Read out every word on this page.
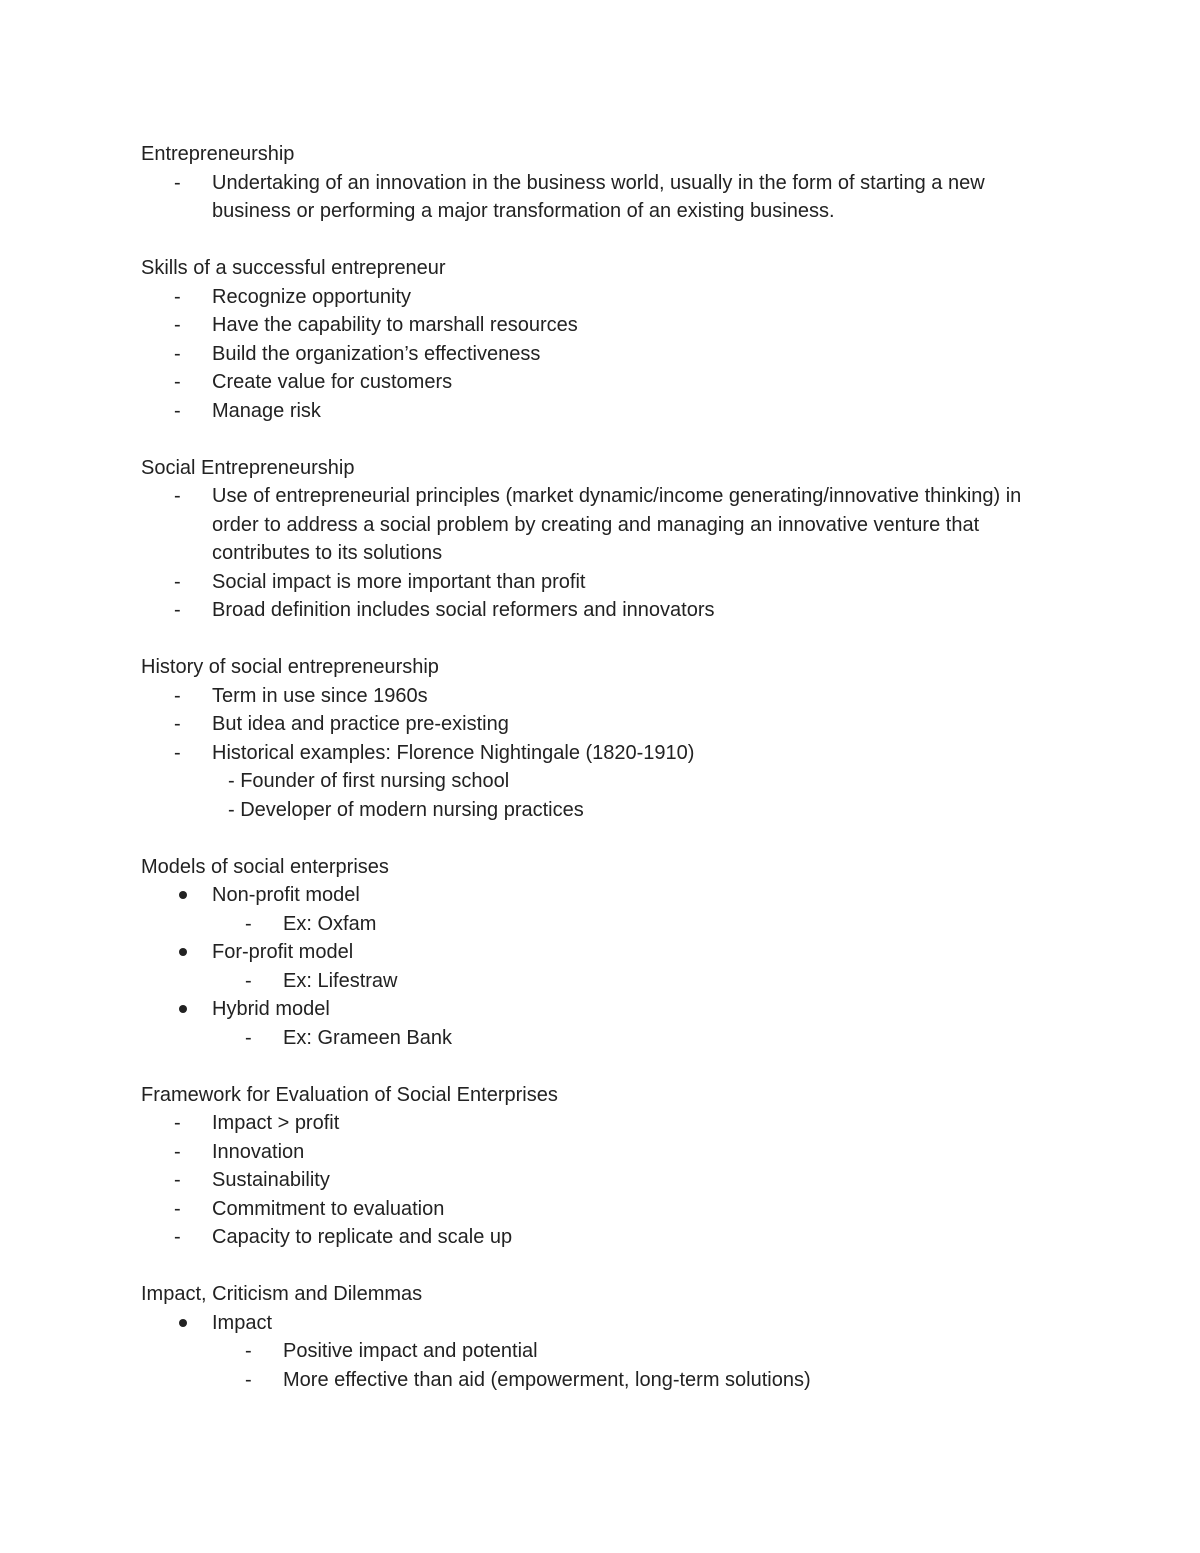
Entrepreneurship
- Undertaking of an innovation in the business world, usually in the form of starting a new business or performing a major transformation of an existing business.
Skills of a successful entrepreneur
- Recognize opportunity
- Have the capability to marshall resources
- Build the organization’s effectiveness
- Create value for customers
- Manage risk
Social Entrepreneurship
- Use of entrepreneurial principles (market dynamic/income generating/innovative thinking) in order to address a social problem by creating and managing an innovative venture that contributes to its solutions
- Social impact is more important than profit
- Broad definition includes social reformers and innovators
History of social entrepreneurship
- Term in use since 1960s
- But idea and practice pre-existing
- Historical examples: Florence Nightingale (1820-1910)
- Founder of first nursing school
- Developer of modern nursing practices
Models of social enterprises
Non-profit model
- Ex: Oxfam
For-profit model
- Ex: Lifestraw
Hybrid model
- Ex: Grameen Bank
Framework for Evaluation of Social Enterprises
- Impact > profit
- Innovation
- Sustainability
- Commitment to evaluation
- Capacity to replicate and scale up
Impact, Criticism and Dilemmas
Impact
- Positive impact and potential
- More effective than aid (empowerment, long-term solutions)
